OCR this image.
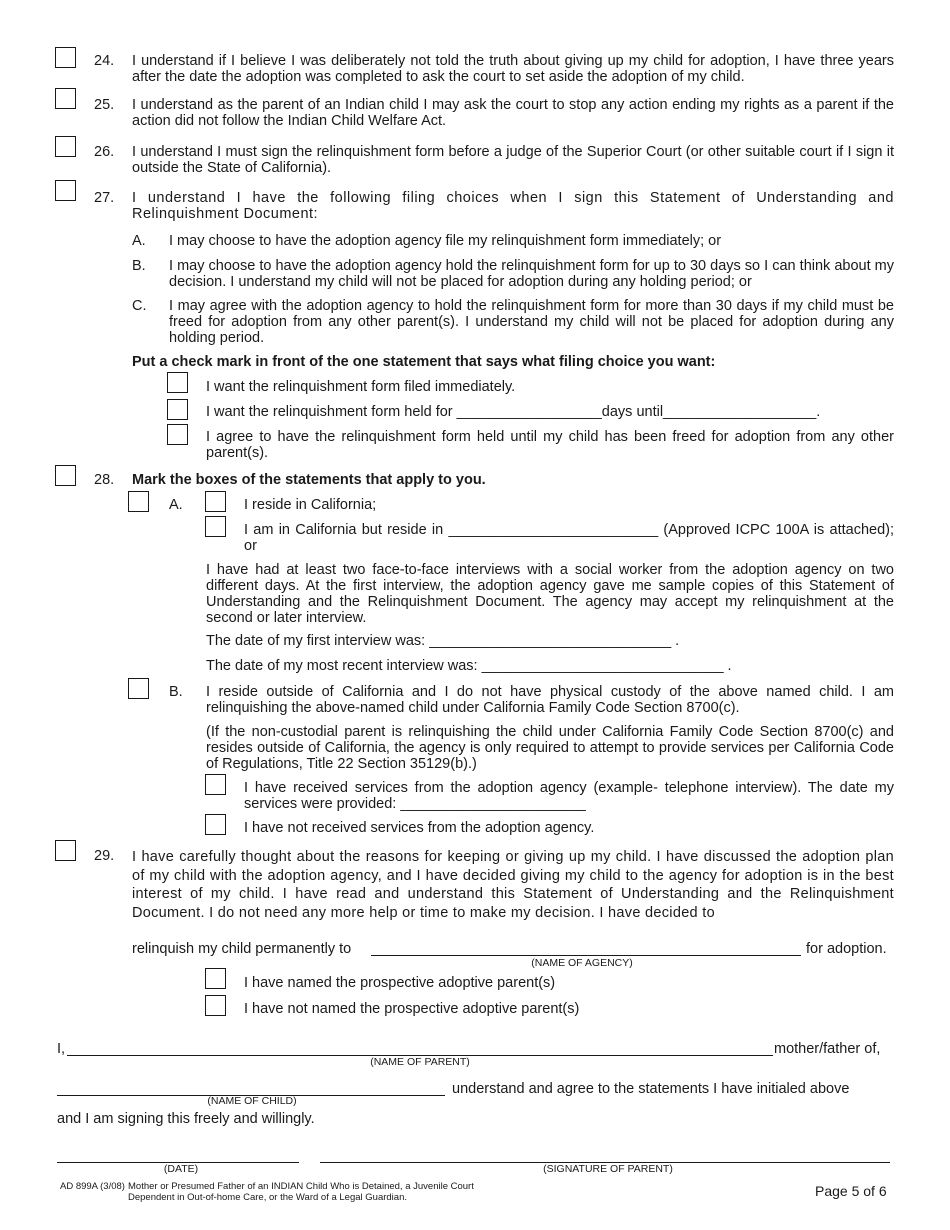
24.	I understand if I believe I was deliberately not told the truth about giving up my child for adoption, I have three years after the date the adoption was completed to ask the court to set aside the adoption of my child.
25.	I understand as the parent of an Indian child I may ask the court to stop any action ending my rights as a parent if the action did not follow the Indian Child Welfare Act.
26.	I understand I must sign the relinquishment form before a judge of the Superior Court (or other suitable court if I sign it outside the State of California).
27.	I understand I have the following filing choices when I sign this Statement of Understanding and Relinquishment Document:
A.	I may choose to have the adoption agency file my relinquishment form immediately; or
B.	I may choose to have the adoption agency hold the relinquishment form for up to 30 days so I can think about my decision. I understand my child will not be placed for adoption during any holding period; or
C.	I may agree with the adoption agency to hold the relinquishment form for more than 30 days if my child must be freed for adoption from any other parent(s). I understand my child will not be placed for adoption during any holding period.
Put a check mark in front of the one statement that says what filing choice you want:
I want the relinquishment form filed immediately.
I want the relinquishment form held for __________________days until___________________.
I agree to have the relinquishment form held until my child has been freed for adoption from any other parent(s).
28.	Mark the boxes of the statements that apply to you.
A.	I reside in California;
I am in California but reside in __________________________ (Approved ICPC 100A is attached); or
I have had at least two face-to-face interviews with a social worker from the adoption agency on two different days. At the first interview, the adoption agency gave me sample copies of this Statement of Understanding and the Relinquishment Document. The agency may accept my relinquishment at the second or later interview.
The date of my first interview was: ______________________________ .
The date of my most recent interview was: ______________________________ .
B.	I reside outside of California and I do not have physical custody of the above named child. I am relinquishing the above-named child under California Family Code Section 8700(c).
(If the non-custodial parent is relinquishing the child under California Family Code Section 8700(c) and resides outside of California, the agency is only required to attempt to provide services per California Code of Regulations, Title 22 Section 35129(b).)
I have received services from the adoption agency (example- telephone interview). The date my services were provided: _______________________
I have not received services from the adoption agency.
29.	I have carefully thought about the reasons for keeping or giving up my child. I have discussed the adoption plan of my child with the adoption agency, and I have decided giving my child to the agency for adoption is in the best interest of my child. I have read and understand this Statement of Understanding and the Relinquishment Document. I do not need any more help or time to make my decision. I have decided to
relinquish my child permanently to	for adoption.
(NAME OF AGENCY)
I have named the prospective adoptive parent(s)
I have not named the prospective adoptive parent(s)
I,	mother/father of,
(NAME OF PARENT)
understand and agree to the statements I have initialed above
(NAME OF CHILD)
and I am signing this freely and willingly.
(DATE)	(SIGNATURE OF PARENT)
AD 899A (3/08) Mother or Presumed Father of an INDIAN Child Who is Detained, a Juvenile Court
Dependent in Out-of-home Care, or the Ward of a Legal Guardian.	Page 5 of 6
